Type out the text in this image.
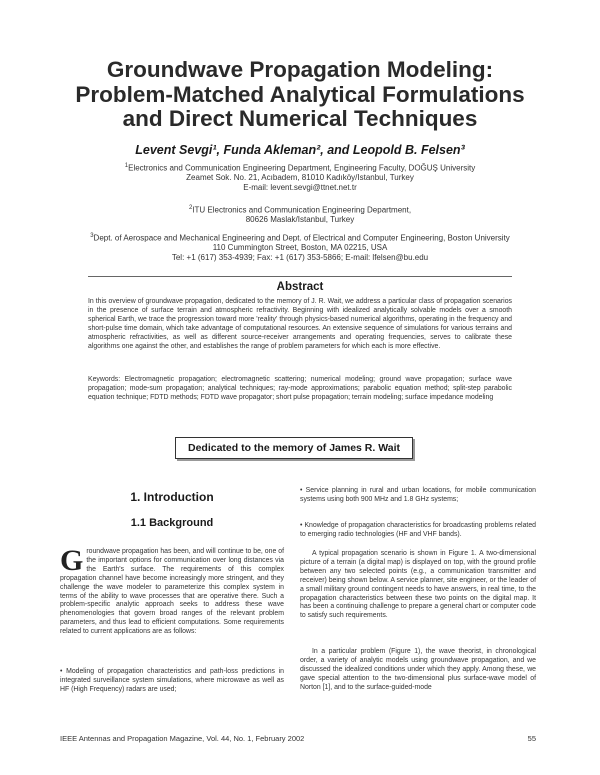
Groundwave Propagation Modeling:
Problem-Matched Analytical Formulations
and Direct Numerical Techniques
Levent Sevgi¹, Funda Akleman², and Leopold B. Felsen³
$^1$Electronics and Communication Engineering Department, Engineering Faculty, DOĞUŞ University
Zeamet Sok. No. 21, Acıbadem, 81010 Kadıköy/Istanbul, Turkey
E-mail: levent.sevgi@ttnet.net.tr
$^2$ITU Electronics and Communication Engineering Department,
80626 Maslak/Istanbul, Turkey
$^3$Dept. of Aerospace and Mechanical Engineering and Dept. of Electrical and Computer Engineering, Boston University
110 Cummington Street, Boston, MA 02215, USA
Tel: +1 (617) 353-4939; Fax: +1 (617) 353-5866; E-mail: lfelsen@bu.edu
Abstract

In this overview of groundwave propagation, dedicated to the memory of J. R. Wait, we address a particular class of propagation scenarios in the presence of surface terrain and atmospheric refractivity. Beginning with idealized analytically solvable models over a smooth spherical Earth, we trace the progression toward more 'reality' through physics-based numerical algorithms, operating in the frequency and short-pulse time domain, which take advantage of computational resources. An extensive sequence of simulations for various terrains and atmospheric refractivities, as well as different source-receiver arrangements and operating frequencies, serves to calibrate these algorithms one against the other, and establishes the range of problem parameters for which each is more effective.

Keywords: Electromagnetic propagation; electromagnetic scattering; numerical modeling; ground wave propagation; surface wave propagation; mode-sum propagation; analytical techniques; ray-mode approximations; parabolic equation method; split-step parabolic equation technique; FDTD methods; FDTD wave propagator; short pulse propagation; terrain modeling; surface impedance modeling

Dedicated to the memory of James R. Wait
1. Introduction
1.1 Background

Groundwave propagation has been, and will continue to be, one of the important options for communication over long distances via the Earth's surface. The requirements of this complex propagation channel have become increasingly more stringent, and they challenge the wave modeler to parameterize this complex system in terms of the ability to wave processes that are operative there. Such a problem-specific analytic approach seeks to address these wave phenomenologies that govern broad ranges of the relevant problem parameters, and thus lead to efficient computations. Some requirements related to current applications are as follows:

• Modeling of propagation characteristics and path-loss predictions in integrated surveillance system simulations, where microwave as well as HF (High Frequency) radars are used;

• Service planning in rural and urban locations, for mobile communication systems using both 900 MHz and 1.8 GHz systems;

• Knowledge of propagation characteristics for broadcasting problems related to emerging radio technologies (HF and VHF bands).

A typical propagation scenario is shown in Figure 1. A two-dimensional picture of a terrain (a digital map) is displayed on top, with the ground profile between any two selected points (e.g., a communication transmitter and receiver) being shown below. A service planner, site engineer, or the leader of a small military ground contingent needs to have answers, in real time, to the propagation characteristics between these two points on the digital map. It has been a continuing challenge to prepare a general chart or computer code to satisfy such requirements.

In a particular problem (Figure 1), the wave theorist, in chronological order, a variety of analytic models using groundwave propagation, and we discussed the idealized conditions under which they apply. Among these, we gave special attention to the two-dimensional plus surface-wave model of Norton [1], and to the surface-guided-mode

IEEE Antennas and Propagation Magazine, Vol. 44, No. 1, February 2002	55
